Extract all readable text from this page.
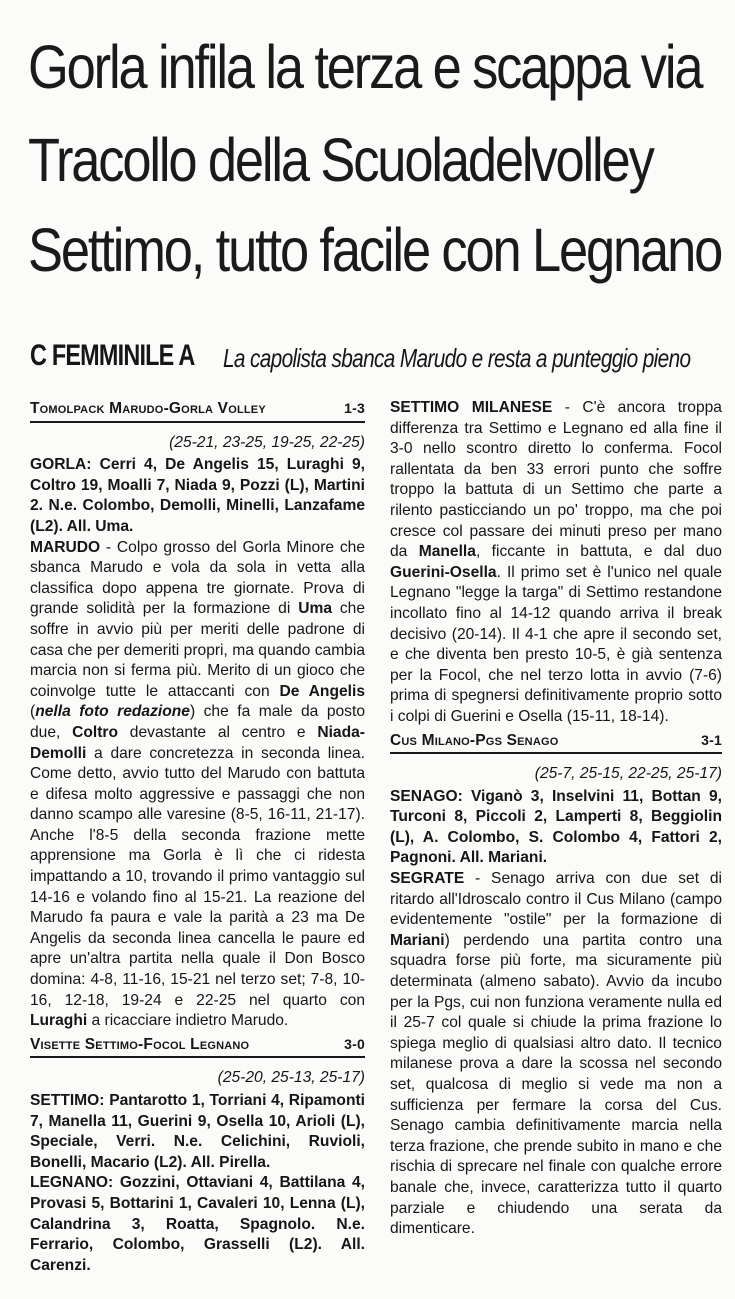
Gorla infila la terza e scappa via
Tracollo della Scuoladelvolley
Settimo, tutto facile con Legnano
C FEMMINILE A La capolista sbanca Marudo e resta a punteggio pieno
Tomolpack Marudo-Gorla Volley	1-3
(25-21, 23-25, 19-25, 22-25)
GORLA: Cerri 4, De Angelis 15, Luraghi 9, Coltro 19, Moalli 7, Niada 9, Pozzi (L), Martini 2. N.e. Colombo, Demolli, Minelli, Lanzafame (L2). All. Uma.

MARUDO - Colpo grosso del Gorla Minore che sbanca Marudo e vola da sola in vetta alla classifica dopo appena tre giornate. Prova di grande solidità per la formazione di Uma che soffre in avvio più per meriti delle padrone di casa che per demeriti propri, ma quando cambia marcia non si ferma più. Merito di un gioco che coinvolge tutte le attaccanti con De Angelis (nella foto redazione) che fa male da posto due, Coltro devastante al centro e Niada-Demolli a dare concretezza in seconda linea. Come detto, avvio tutto del Marudo con battuta e difesa molto aggressive e passaggi che non danno scampo alle varesine (8-5, 16-11, 21-17). Anche l'8-5 della seconda frazione mette apprensione ma Gorla è lì che ci ridesta impattando a 10, trovando il primo vantaggio sul 14-16 e volando fino al 15-21. La reazione del Marudo fa paura e vale la parità a 23 ma De Angelis da seconda linea cancella le paure ed apre un'altra partita nella quale il Don Bosco domina: 4-8, 11-16, 15-21 nel terzo set; 7-8, 10-16, 12-18, 19-24 e 22-25 nel quarto con Luraghi a ricacciare indietro Marudo.

Visette Settimo-Focol Legnano	3-0
(25-20, 25-13, 25-17)
SETTIMO: Pantarotto 1, Torriani 4, Ripamonti 7, Manella 11, Guerini 9, Osella 10, Arioli (L), Speciale, Verri. N.e. Celichini, Ruvioli, Bonelli, Macario (L2). All. Pirella.
LEGNANO: Gozzini, Ottaviani 4, Battilana 4, Provasi 5, Bottarini 1, Cavaleri 10, Lenna (L), Calandrina 3, Roatta, Spagnolo. N.e. Ferrario, Colombo, Grasselli (L2). All. Carenzi.

SETTIMO MILANESE - C'è ancora troppa differenza tra Settimo e Legnano ed alla fine il 3-0 nello scontro diretto lo conferma. Focol rallentata da ben 33 errori punto che soffre troppo la battuta di un Settimo che parte a rilento pasticciando un po' troppo, ma che poi cresce col passare dei minuti preso per mano da Manella, ficcante in battuta, e dal duo Guerini-Osella. Il primo set è l'unico nel quale Legnano "legge la targa" di Settimo restandone incollato fino al 14-12 quando arriva il break decisivo (20-14). Il 4-1 che apre il secondo set, e che diventa ben presto 10-5, è già sentenza per la Focol, che nel terzo lotta in avvio (7-6) prima di spegnersi definitivamente proprio sotto i colpi di Guerini e Osella (15-11, 18-14).

Cus Milano-Pgs Senago	3-1
(25-7, 25-15, 22-25, 25-17)
SENAGO: Viganò 3, Inselvini 11, Bottan 9, Turconi 8, Piccoli 2, Lamperti 8, Beggiolin (L), A. Colombo, S. Colombo 4, Fattori 2, Pagnoni. All. Mariani.

SEGRATE - Senago arriva con due set di ritardo all'Idroscalo contro il Cus Milano (campo evidentemente "ostile" per la formazione di Mariani) perdendo una partita contro una squadra forse più forte, ma sicuramente più determinata (almeno sabato). Avvio da incubo per la Pgs, cui non funziona veramente nulla ed il 25-7 col quale si chiude la prima frazione lo spiega meglio di qualsiasi altro dato. Il tecnico milanese prova a dare la scossa nel secondo set, qualcosa di meglio si vede ma non a sufficienza per fermare la corsa del Cus. Senago cambia definitivamente marcia nella terza frazione, che prende subito in mano e che rischia di sprecare nel finale con qualche errore banale che, invece, caratterizza tutto il quarto parziale e chiudendo una serata da dimenticare.
